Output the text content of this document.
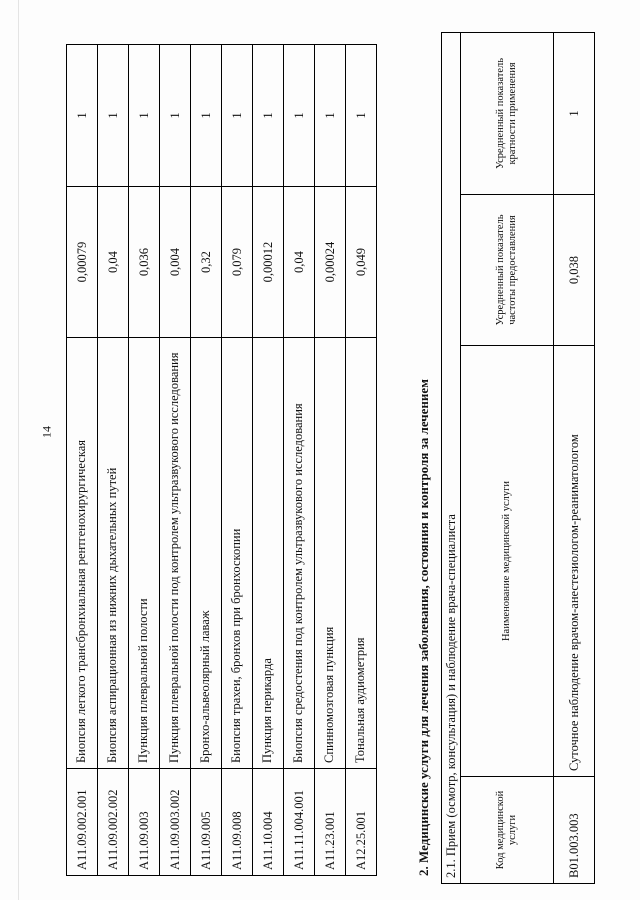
14
A11.09.002.001	Биопсия легкого трансбронхиальная рентгенохирургическая	0,00079	1
A11.09.002.002	Биопсия аспирационная из нижних дыхательных путей	0,04	1
A11.09.003	Пункция плевральной полости	0,036	1
A11.09.003.002	Пункция плевральной полости под контролем ультразвукового исследования	0,004	1
A11.09.005	Бронхо-альвеолярный лаваж	0,32	1
A11.09.008	Биопсия трахеи, бронхов при бронхоскопии	0,079	1
A11.10.004	Пункция перикарда	0,00012	1
A11.11.004.001	Биопсия средостения под контролем ультразвукового исследования	0,04	1
A11.23.001	Спинномозговая пункция	0,00024	1
A12.25.001	Тональная аудиометрия	0,049	1
2. Медицинские услуги для лечения заболевания, состояния и контроля за лечением 2.1. Прием (осмотр, консультация) и наблюдение врача-специалиста			
Код медицинской услуги	Наименование медицинской услуги	Усредненный показатель частоты предоставления	Усредненный показатель кратности применения
B01.003.003	Суточное наблюдение врачом-анестезиологом-реаниматологом	0,038	1
